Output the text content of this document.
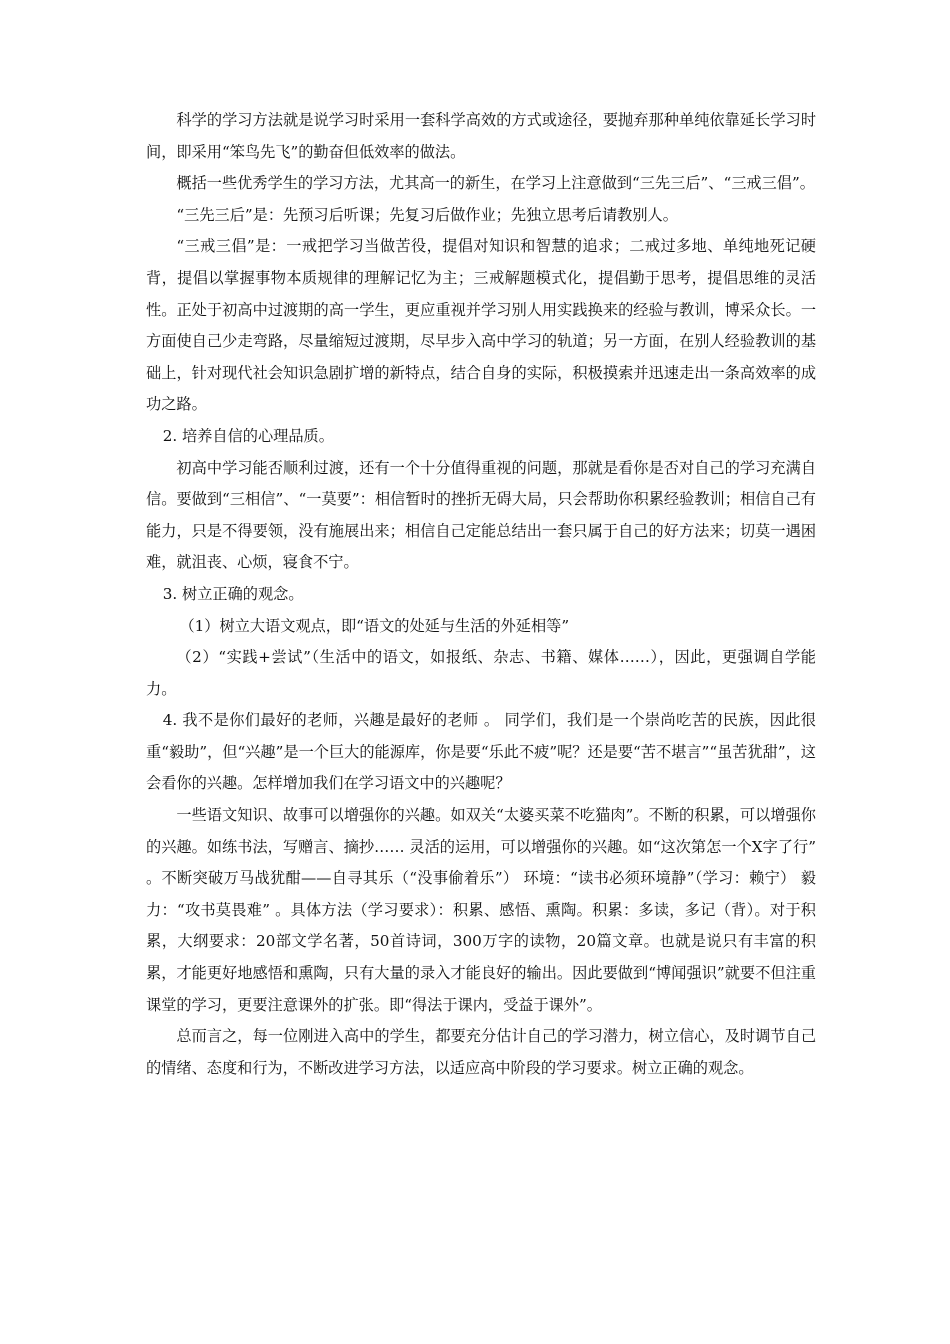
科学的学习方法就是说学习时采用一套科学高效的方式或途径，要抛弃那种单纯依靠延长学习时间，即采用“笨鸟先飞”的勤奋但低效率的做法。

概括一些优秀学生的学习方法，尤其高一的新生，在学习上注意做到“三先三后”、“三戒三倡”。

“三先三后”是：先预习后听课；先复习后做作业；先独立思考后请教别人。

“三戒三倡”是：一戒把学习当做苦役，提倡对知识和智慧的追求；二戒过多地、单纯地死记硬背，提倡以掌握事物本质规律的理解记忆为主；三戒解题模式化，提倡勤于思考，提倡思维的灵活性。正处于初高中过渡期的高一学生，更应重视并学习别人用实践换来的经验与教训，博采众长。一方面使自己少走弯路，尽量缩短过渡期，尽早步入高中学习的轨道；另一方面，在别人经验教训的基础上，针对现代社会知识急剧扩增的新特点，结合自身的实际，积极摸索并迅速走出一条高效率的成功之路。

2. 培养自信的心理品质。

初高中学习能否顺利过渡，还有一个十分值得重视的问题，那就是看你是否对自己的学习充满自信。要做到“三相信”、“一莫要”：相信暂时的挫折无碍大局，只会帮助你积累经验教训；相信自己有能力，只是不得要领，没有施展出来；相信自己定能总结出一套只属于自己的好方法来；切莫一遇困难，就沮丧、心烦，寝食不宁。

3. 树立正确的观念。

（1）树立大语文观点，即“语文的处延与生活的外延相等”

（2）“实践+尝试”（生活中的语文，如报纸、杂志、书籍、媒体……），因此，更强调自学能力。

4. 我不是你们最好的老师，兴趣是最好的老师 。 同学们，我们是一个崇尚吃苦的民族，因此很重“毅助”，但“兴趣”是一个巨大的能源库，你是要“乐此不疲”呢？还是要“苦不堪言”“虽苦犹甜”，这会看你的兴趣。怎样增加我们在学习语文中的兴趣呢？

一些语文知识、故事可以增强你的兴趣。如双关“太婆买菜不吃猫肉”。不断的积累，可以增强你的兴趣。如练书法，写赠言、摘抄…… 灵活的运用，可以增强你的兴趣。如“这次第怎一个X字了行” 。不断突破万马战犹酣——自寻其乐（“没事偷着乐”） 环境：“读书必须环境静”（学习：赖宁） 毅力：“攻书莫畏难” 。具体方法（学习要求）：积累、感悟、熏陶。积累：多读，多记（背）。对于积累，大纲要求：20部文学名著，50首诗词，300万字的读物，20篇文章。也就是说只有丰富的积累，才能更好地感悟和熏陶，只有大量的录入才能良好的输出。因此要做到“博闻强识”就要不但注重课堂的学习，更要注意课外的扩张。即“得法于课内，受益于课外”。

总而言之，每一位刚进入高中的学生，都要充分估计自己的学习潜力，树立信心，及时调节自己的情绪、态度和行为，不断改进学习方法，以适应高中阶段的学习要求。树立正确的观念。
